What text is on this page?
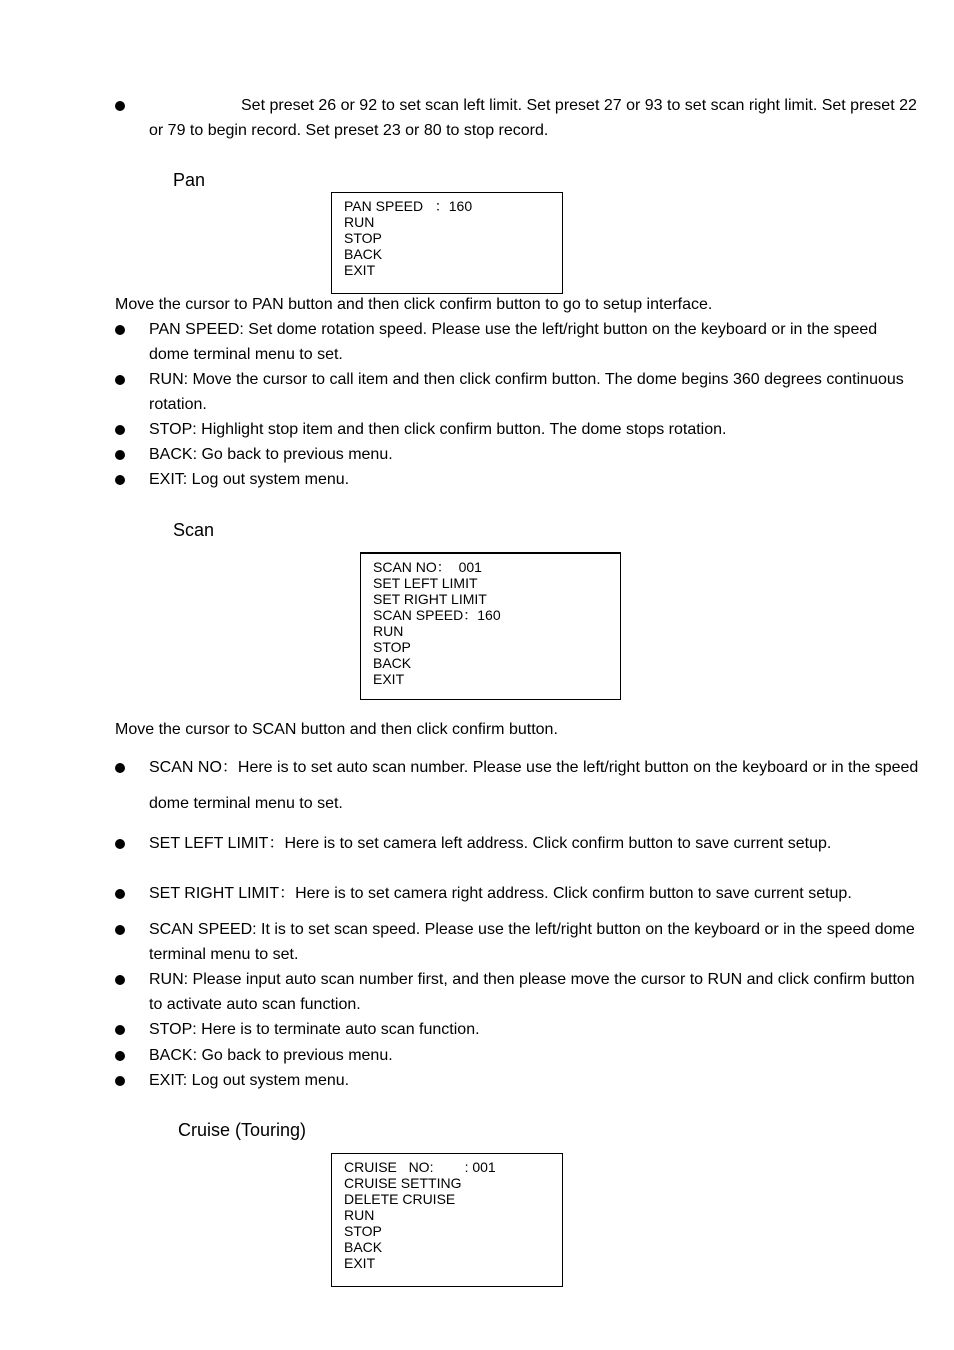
Set preset 26 or 92 to set scan left limit. Set preset 27 or 93 to set scan right limit. Set preset 22 or 79 to begin record. Set preset 23 or 80 to stop record.
Pan
PAN SPEED   ：160
RUN
STOP
BACK
EXIT
Move the cursor to PAN button and then click confirm button to go to setup interface.
PAN SPEED: Set dome rotation speed. Please use the left/right button on the keyboard or in the speed dome terminal menu to set.
RUN: Move the cursor to call item and then click confirm button. The dome begins 360 degrees continuous rotation.
STOP: Highlight stop item and then click confirm button. The dome stops rotation.
BACK: Go back to previous menu.
EXIT: Log out system menu.
Scan
SCAN NO：  001
SET LEFT LIMIT
SET RIGHT LIMIT
SCAN SPEED：160
RUN
STOP
BACK
EXIT
Move the cursor to SCAN button and then click confirm button.
SCAN NO：Here is to set auto scan number. Please use the left/right button on the keyboard or in the speed dome terminal menu to set.
SET LEFT LIMIT：Here is to set camera left address. Click confirm button to save current setup.
SET RIGHT LIMIT：Here is to set camera right address. Click confirm button to save current setup.
SCAN SPEED: It is to set scan speed. Please use the left/right button on the keyboard or in the speed dome terminal menu to set.
RUN: Please input auto scan number first, and then please move the cursor to RUN and click confirm button to activate auto scan function.
STOP: Here is to terminate auto scan function.
BACK: Go back to previous menu.
EXIT: Log out system menu.
Cruise (Touring)
CRUISE   NO:        : 001
CRUISE SETTING
DELETE CRUISE
RUN
STOP
BACK
EXIT
